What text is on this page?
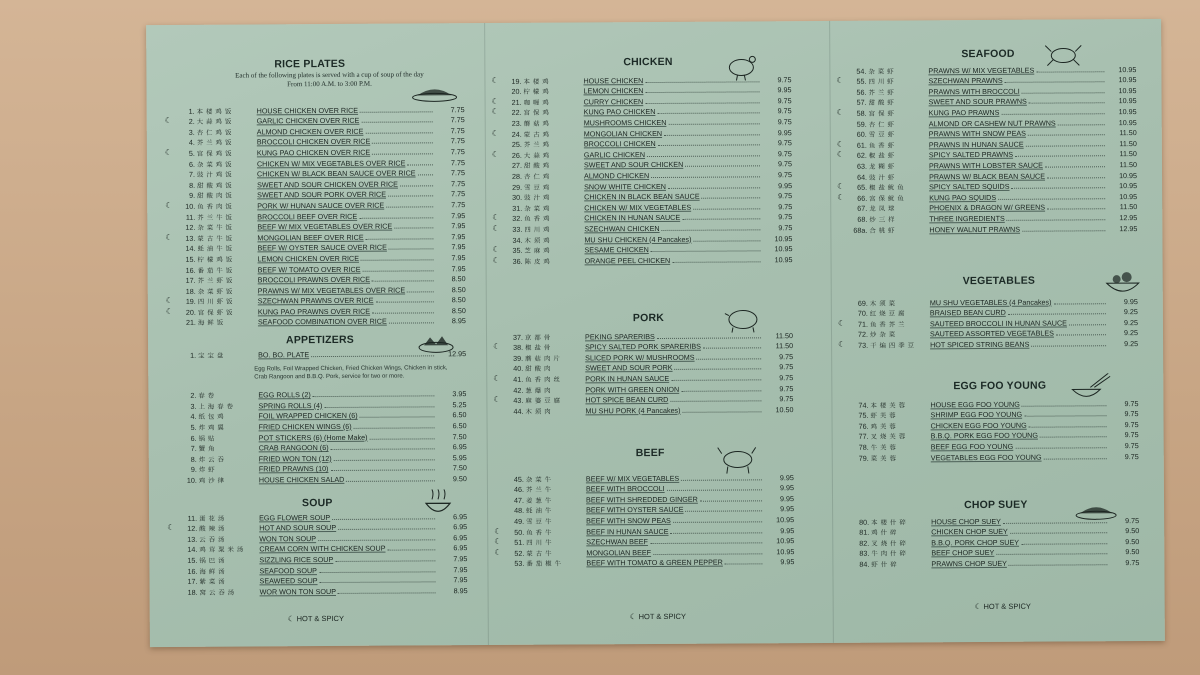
RICE PLATES
Each of the following plates is served with a cup of soup of the day
From 11:00 A.M. to 3:00 P.M.
1. 本楼鸡饭	HOUSE CHICKEN OVER RICE	7.75
☾ 2. 大蒜鸡饭	GARLIC CHICKEN OVER RICE	7.75
3. 杏仁鸡饭	ALMOND CHICKEN OVER RICE	7.75
4. 芥兰鸡饭	BROCCOLI CHICKEN OVER RICE	7.75
☾ 5. 宫保鸡饭	KUNG PAO CHICKEN OVER RICE	7.75
6. 杂菜鸡饭	CHICKEN W/ MIX VEGETABLES OVER RICE	7.75
7. 豉汁鸡饭	CHICKEN W/ BLACK BEAN SAUCE OVER RICE	7.75
8. 甜酸鸡饭	SWEET AND SOUR CHICKEN OVER RICE	7.75
9. 甜酸肉饭	SWEET AND SOUR PORK OVER RICE	7.75
☾ 10. 鱼香肉饭	PORK W/ HUNAN SAUCE OVER RICE	7.75
11. 芥兰牛饭	BROCCOLI BEEF OVER RICE	7.95
12. 杂菜牛饭	BEEF W/ MIX VEGETABLES OVER RICE	7.95
☾ 13. 蒙古牛饭	MONGOLIAN BEEF OVER RICE	7.95
14. 蚝油牛饭	BEEF W/ OYSTER SAUCE OVER RICE	7.95
15. 柠檬鸡饭	LEMON CHICKEN OVER RICE	7.95
16. 番茄牛饭	BEEF W/ TOMATO OVER RICE	7.95
17. 芥兰虾饭	BROCCOLI PRAWNS OVER RICE	8.50
18. 杂菜虾饭	PRAWNS W/ MIX VEGETABLES OVER RICE	8.50
☾ 19. 四川虾饭	SZECHWAN PRAWNS OVER RICE	8.50
☾ 20. 宫保虾饭	KUNG PAO PRAWNS OVER RICE	8.50
21. 海鲜饭	SEAFOOD COMBINATION OVER RICE	8.95
APPETIZERS
1. 宝宝盘	BO. BO. PLATE	12.95
2. 春卷	EGG ROLLS (2)	3.95
3. 上海春卷	SPRING ROLLS (4)	5.25
4. 纸包鸡	FOIL WRAPPED CHICKEN (6)	6.50
5. 炸鸡翼	FRIED CHICKEN WINGS (6)	6.50
6. 锅贴	POT STICKERS (6) (Home Make)	7.50
7. 蟹角	CRAB RANGOON (6)	6.95
8. 炸云吞	FRIED WON TON (12)	5.95
9. 炸虾	FRIED PRAWNS (10)	7.50
10. 鸡沙律	HOUSE CHICKEN SALAD	9.50
Egg Rolls, Foil Wrapped Chicken, Fried Chicken Wings, Chicken in stick, Crab Rangoon and B.B.Q. Pork, service for two or more.
SOUP
11. 蛋花汤	EGG FLOWER SOUP	6.95
☾ 12. 酸辣汤	HOT AND SOUR SOUP	6.95
13. 云吞汤	WON TON SOUP	6.95
14. 鸡茸粟米汤	CREAM CORN WITH CHICKEN SOUP	6.95
15. 锅巴汤	SIZZLING RICE SOUP	7.95
16. 海鲜汤	SEAFOOD SOUP	7.95
17. 紫菜汤	SEAWEED SOUP	7.95
18. 窝云吞汤	WOR WON TON SOUP	8.95
☾ HOT & SPICY
CHICKEN
☾ 19. 本楼鸡	HOUSE CHICKEN	9.75
20. 柠檬鸡	LEMON CHICKEN	9.95
☾ 21. 咖喱鸡	CURRY CHICKEN	9.75
☾ 22. 宫保鸡	KUNG PAO CHICKEN	9.75
23. 蘑菇鸡	MUSHROOMS CHICKEN	9.75
☾ 24. 蒙古鸡	MONGOLIAN CHICKEN	9.95
25. 芥兰鸡	BROCCOLI CHICKEN	9.75
☾ 26. 大蒜鸡	GARLIC CHICKEN	9.75
27. 甜酸鸡	SWEET AND SOUR CHICKEN	9.75
28. 杏仁鸡	ALMOND CHICKEN	9.75
29. 雪豆鸡	SNOW WHITE CHICKEN	9.95
30. 豉汁鸡	CHICKEN IN BLACK BEAN SAUCE	9.75
31. 杂菜鸡	CHICKEN W/ MIX VEGETABLES	9.75
☾ 32. 鱼香鸡	CHICKEN IN HUNAN SAUCE	9.75
☾ 33. 四川鸡	SZECHWAN CHICKEN	9.75
34. 木须鸡	MU SHU CHICKEN (4 Pancakes)	10.95
☾ 35. 芝麻鸡	SESAME CHICKEN	10.95
☾ 36. 陈皮鸡	ORANGE PEEL CHICKEN	10.95
PORK
37. 京都骨	PEKING SPARERIBS	11.50
☾ 38. 椒盐骨	SPICY SALTED PORK SPARERIBS	11.50
39. 蘑菇肉片	SLICED PORK W/ MUSHROOMS	9.75
40. 甜酸肉	SWEET AND SOUR PORK	9.75
☾ 41. 鱼香肉丝	PORK IN HUNAN SAUCE	9.75
42. 葱爆肉	PORK WITH GREEN ONION	9.75
☾ 43. 麻婆豆腐	HOT SPICE BEAN CURD	9.75
44. 木须肉	MU SHU PORK (4 Pancakes)	10.50
BEEF
45. 杂菜牛	BEEF W/ MIX VEGETABLES	9.95
46. 芥兰牛	BEEF WITH BROCCOLI	9.95
47. 姜葱牛	BEEF WITH SHREDDED GINGER	9.95
48. 蚝油牛	BEEF WITH OYSTER SAUCE	9.95
49. 雪豆牛	BEEF WITH SNOW PEAS	10.95
☾ 50. 鱼香牛	BEEF IN HUNAN SAUCE	9.95
☾ 51. 四川牛	SZECHWAN BEEF	10.95
☾ 52. 蒙古牛	MONGOLIAN BEEF	10.95
53. 番茄椒牛	BEEF WITH TOMATO & GREEN PEPPER	9.95
☾ HOT & SPICY
SEAFOOD
54. 杂菜虾	PRAWNS W/ MIX VEGETABLES	10.95
☾ 55. 四川虾	SZECHWAN PRAWNS	10.95
56. 芥兰虾	PRAWNS WITH BROCCOLI	10.95
57. 甜酸虾	SWEET AND SOUR PRAWNS	10.95
☾ 58. 宫保虾	KUNG PAO PRAWNS	10.95
59. 杏仁虾	ALMOND OR CASHEW NUT PRAWNS	10.95
60. 雪豆虾	PRAWNS WITH SNOW PEAS	11.50
☾ 61. 鱼香虾	PRAWNS IN HUNAN SAUCE	11.50
☾ 62. 椒盐虾	SPICY SALTED PRAWNS	11.50
63. 龙糊虾	PRAWNS WITH LOBSTER SAUCE	11.50
64. 豉汁虾	PRAWNS W/ BLACK BEAN SAUCE	10.95
☾ 65. 椒盐鱿鱼	SPICY SALTED SQUIDS	10.95
☾ 66. 宫保鱿鱼	KUNG PAO SQUIDS	10.95
67. 龙凤球	PHOENIX & DRAGON W/ GREENS	11.50
68. 炒三样	THREE INGREDIENTS	12.95
68a. 合桃虾	HONEY WALNUT PRAWNS	12.95
VEGETABLES
69. 木须菜	MU SHU VEGETABLES (4 Pancakes)	9.95
70. 红烧豆腐	BRAISED BEAN CURD	9.25
☾ 71. 鱼香芥兰	SAUTEED BROCCOLI IN HUNAN SAUCE	9.25
72. 炒杂菜	SAUTEED ASSORTED VEGETABLES	9.25
☾ 73. 干煸四季豆	HOT SPICED STRING BEANS	9.25
EGG FOO YOUNG
74. 本楼芙蓉	HOUSE EGG FOO YOUNG	9.75
75. 虾芙蓉	SHRIMP EGG FOO YOUNG	9.75
76. 鸡芙蓉	CHICKEN EGG FOO YOUNG	9.75
77. 叉烧芙蓉	B.B.Q. PORK EGG FOO YOUNG	9.75
78. 牛芙蓉	BEEF EGG FOO YOUNG	9.75
79. 菜芙蓉	VEGETABLES EGG FOO YOUNG	9.75
CHOP SUEY
80. 本楼什碎	HOUSE CHOP SUEY	9.75
81. 鸡什碎	CHICKEN CHOP SUEY	9.50
82. 叉烧什碎	B.B.Q. PORK CHOP SUEY	9.50
83. 牛肉什碎	BEEF CHOP SUEY	9.50
84. 虾什碎	PRAWNS CHOP SUEY	9.75
☾ HOT & SPICY
